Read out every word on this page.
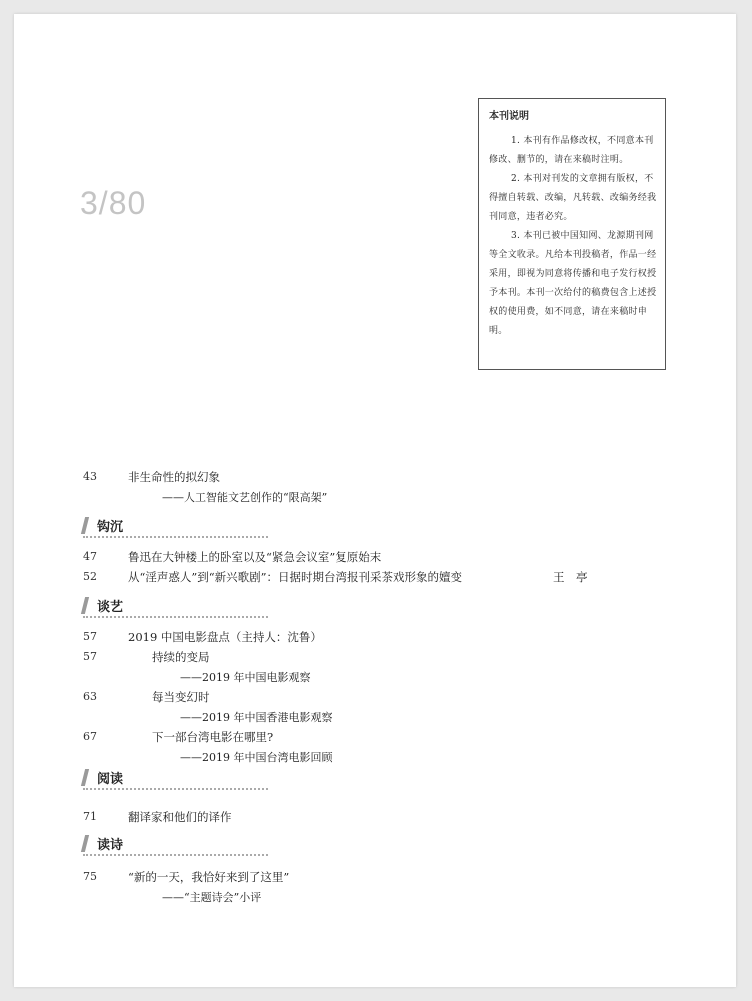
3/80
本刊说明

1. 本刊有作品修改权，不同意本刊修改、删节的，请在来稿时注明。

2. 本刊对刊发的文章拥有版权，不得擅自转载、改编，凡转载、改编务经我刊同意，违者必究。

3. 本刊已被中国知网、龙源期刊网等全文收录。凡给本刊投稿者，作品一经采用，即视为同意将传播和电子发行权授予本刊。本刊一次给付的稿费包含上述授权的使用费，如不同意，请在来稿时申明。

43	非生命性的拟幻象
——人工智能文艺创作的“限高架”
钩沉
47	鲁迅在大钟楼上的卧室以及“紧急会议室”复原始末
52	从“淫声惑人”到“新兴歌剧”：日据时期台湾报刊采茶戏形象的嬗变	王　亭
谈艺
57	2019 中国电影盘点（主持人：沈鲁）
57	持续的变局
——2019 年中国电影观察
63	每当变幻时
——2019 年中国香港电影观察
67	下一部台湾电影在哪里?
——2019 年中国台湾电影回顾
阅读
71	翻译家和他们的译作
读诗
75	“新的一天，我恰好来到了这里”
——“主题诗会”小评
